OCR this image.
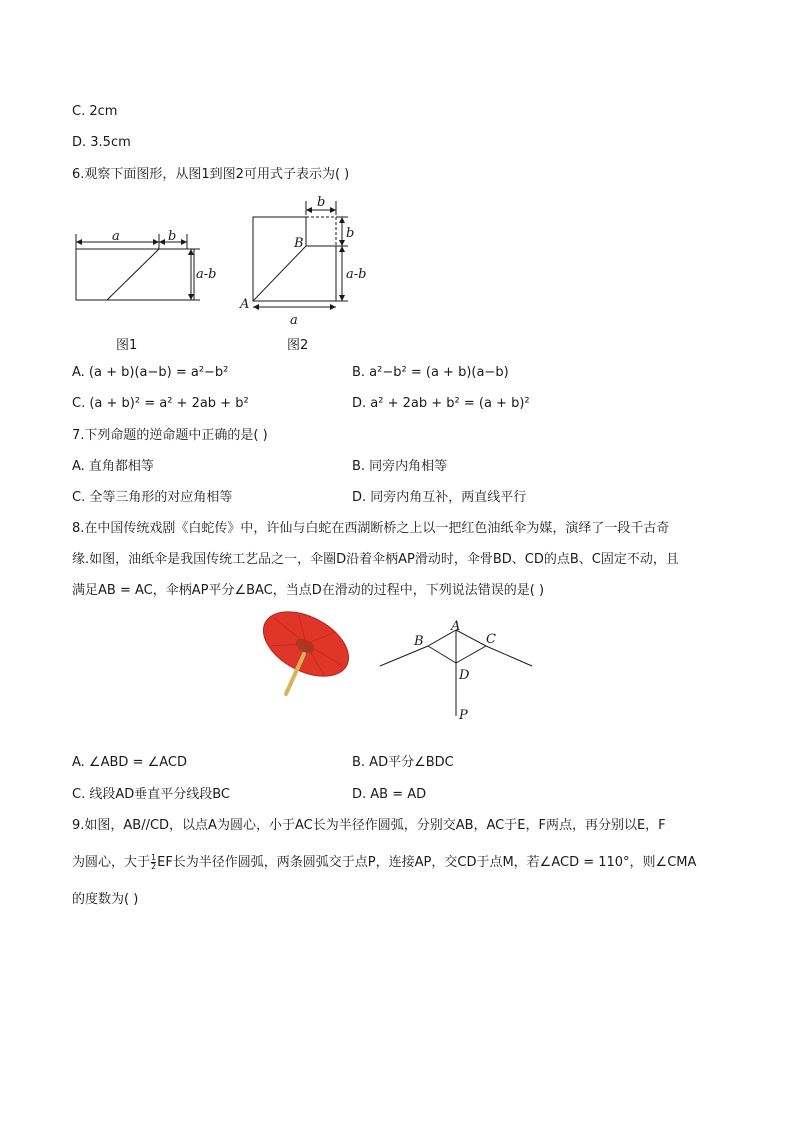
C. 2cm
D. 3.5cm
6.观察下面图形，从图1到图2可用式子表示为( )
a	b
a-b
图1
b
b
a-b
a
B
A
图2
A. (a + b)(a−b) = a²−b²	B. a²−b² = (a + b)(a−b)
C. (a + b)² = a² + 2ab + b²	D. a² + 2ab + b² = (a + b)²
7.下列命题的逆命题中正确的是( )
A. 直角都相等	B. 同旁内角相等
C. 全等三角形的对应角相等	D. 同旁内角互补，两直线平行
8.在中国传统戏剧《白蛇传》中，许仙与白蛇在西湖断桥之上以一把红色油纸伞为媒，演绎了一段千古奇
缘.如图，油纸伞是我国传统工艺品之一，伞圈D沿着伞柄AP滑动时，伞骨BD、CD的点B、C固定不动，且
满足AB = AC，伞柄AP平分∠BAC，当点D在滑动的过程中，下列说法错误的是( )
B
A
C
D
P
A. ∠ABD = ∠ACD	B. AD平分∠BDC
C. 线段AD垂直平分线段BC	D. AB = AD
9.如图，AB//CD，以点A为圆心，小于AC长为半径作圆弧，分别交AB，AC于E，F两点，再分别以E，F
为圆心，大于 $\frac{1}{2}$ EF长为半径作圆弧，两条圆弧交于点P，连接AP，交CD于点M，若∠ACD = 110°，则∠CMA
的度数为( )
